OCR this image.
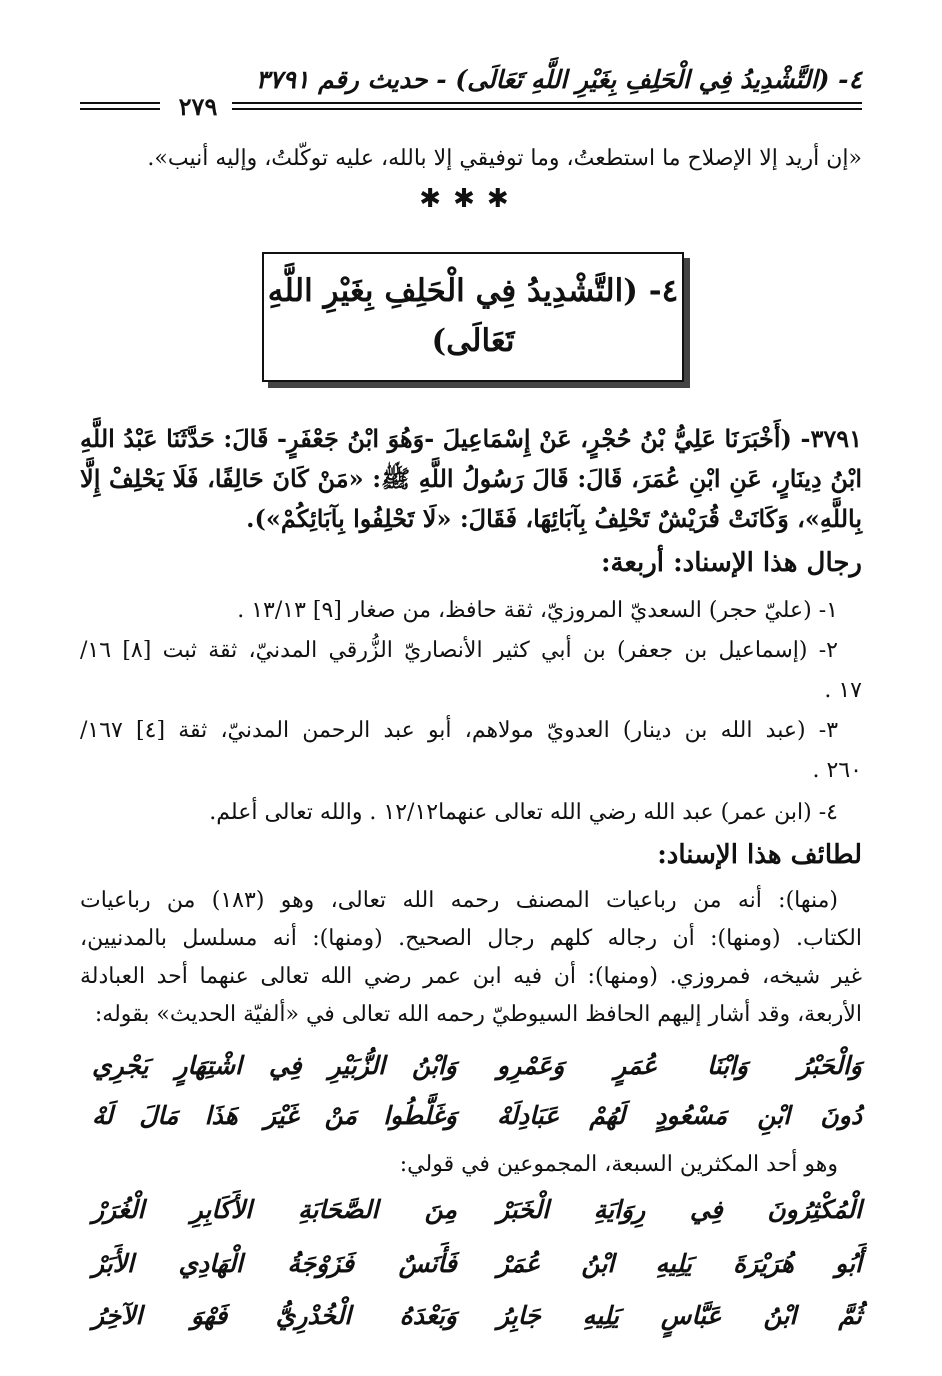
٤- (التَّشْدِيدُ فِي الْحَلِفِ بِغَيْرِ اللَّهِ تَعَالَى) - حديث رقم ٣٧٩١
٢٧٩
«إن أريد إلا الإصلاح ما استطعتُ، وما توفيقي إلا بالله، عليه توكّلتُ، وإليه أنيب».
✱✱✱
٤- (التَّشْدِيدُ فِي الْحَلِفِ بِغَيْرِ اللَّهِ
تَعَالَى)
٣٧٩١- (أَخْبَرَنَا عَلِيُّ بْنُ حُجْرٍ، عَنْ إِسْمَاعِيلَ -وَهُوَ ابْنُ جَعْفَرٍ- قَالَ: حَدَّثَنَا عَبْدُ اللَّهِ
ابْنُ دِينَارٍ، عَنِ ابْنِ عُمَرَ، قَالَ: قَالَ رَسُولُ اللَّهِ ﷺ: «مَنْ كَانَ حَالِفًا، فَلَا يَحْلِفْ إِلَّا
بِاللَّهِ»، وَكَانَتْ قُرَيْشٌ تَحْلِفُ بِآبَائِهَا، فَقَالَ: «لَا تَحْلِفُوا بِآبَائِكُمْ»).
رجال هذا الإسناد: أربعة:
١- (عليّ حجر) السعديّ المروزيّ، ثقة حافظ، من صغار [٩] ١٣/١٣ .
٢- (إسماعيل بن جعفر) بن أبي كثير الأنصاريّ الزُّرقي المدنيّ، ثقة ثبت [٨] ١٦/
١٧ .
٣- (عبد الله بن دينار) العدويّ مولاهم، أبو عبد الرحمن المدنيّ، ثقة [٤] ١٦٧/
٢٦٠ .
٤- (ابن عمر) عبد الله رضي الله تعالى عنهما١٢/١٢ . والله تعالى أعلم.
لطائف هذا الإسناد:
(منها): أنه من رباعيات المصنف رحمه الله تعالى، وهو (١٨٣) من رباعيات
الكتاب. (ومنها): أن رجاله كلهم رجال الصحيح. (ومنها): أنه مسلسل بالمدنيين،
غير شيخه، فمروزي. (ومنها): أن فيه ابن عمر رضي الله تعالى عنهما أحد العبادلة
الأربعة، وقد أشار إليهم الحافظ السيوطيّ رحمه الله تعالى في «ألفيّة الحديث» بقوله:
وَالْحَبْرُ وَابْنَا عُمَرٍ وَعَمْرِو
وَابْنُ الزُّبَيْرِ فِي اشْتِهَارٍ يَجْرِي
دُونَ ابْنِ مَسْعُودٍ لَهُمْ عَبَادِلَهْ
وَغَلَّطُوا مَنْ غَيْرَ هَذَا مَالَ لَهْ
وهو أحد المكثرين السبعة، المجموعين في قولي:
الْمُكْثِرُونَ فِي رِوَايَةِ الْخَبَرْ
مِنَ الصَّحَابَةِ الأَكَابِرِ الْغُرَرْ
أَبُو هُرَيْرَةَ يَلِيهِ ابْنُ عُمَرْ
فَأَنَسٌ فَزَوْجَةُ الْهَادِي الأَبَرْ
ثُمَّ ابْنُ عَبَّاسٍ يَلِيهِ جَابِرُ
وَبَعْدَهُ الْخُدْرِيُّ فَهْوَ الآخِرُ
